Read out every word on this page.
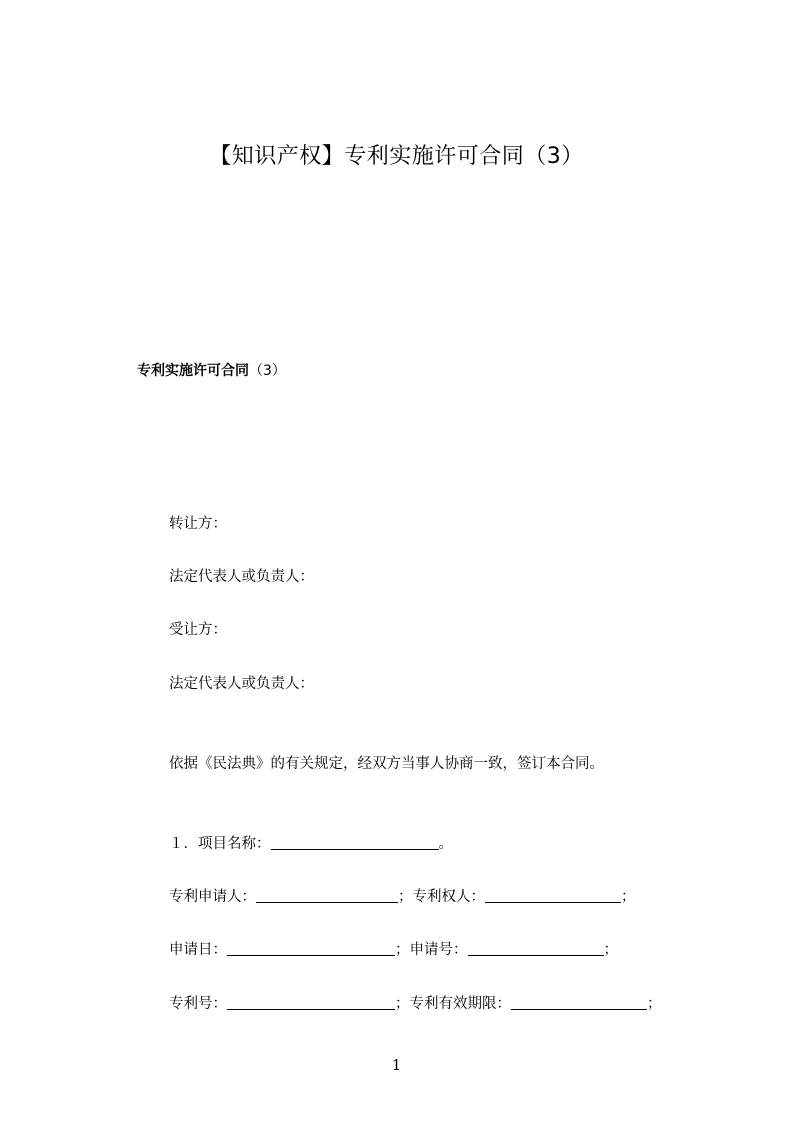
【知识产权】专利实施许可合同（3）
专利实施许可合同（3）
转让方：
法定代表人或负责人：
受让方：
法定代表人或负责人：
依据《民法典》的有关规定，经双方当事人协商一致，签订本合同。
１．项目名称：	。
专利申请人：	；专利权人：	；
申请日：	；申请号：	；
专利号：	；专利有效期限：	；
1
